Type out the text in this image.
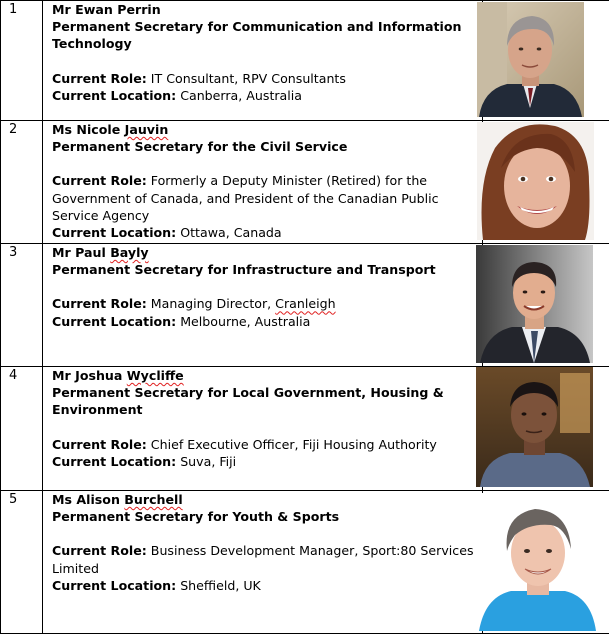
1	Mr Ewan Perrin
Permanent Secretary for Communication and Information Technology
Current Role: IT Consultant, RPV Consultants
Current Location: Canberra, Australia	

2	Ms Nicole Jauvin
Permanent Secretary for the Civil Service
Current Role: Formerly a Deputy Minister (Retired) for the Government of Canada, and President of the Canadian Public Service Agency
Current Location: Ottawa, Canada	

3	Mr Paul Bayly
Permanent Secretary for Infrastructure and Transport
Current Role: Managing Director, Cranleigh
Current Location: Melbourne, Australia	

4	Mr Joshua Wycliffe
Permanent Secretary for Local Government, Housing & Environment
Current Role: Chief Executive Officer, Fiji Housing Authority
Current Location: Suva, Fiji	

5	Ms Alison Burchell
Permanent Secretary for Youth & Sports
Current Role: Business Development Manager, Sport:80 Services Limited
Current Location: Sheffield, UK	
